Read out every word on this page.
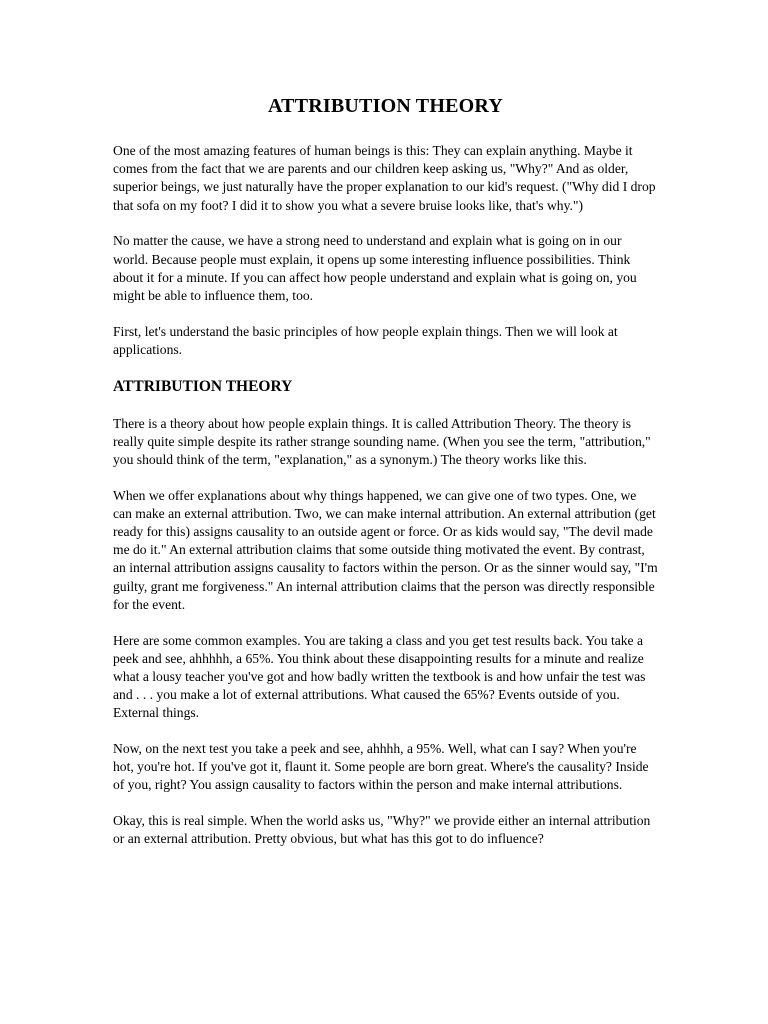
ATTRIBUTION THEORY

One of the most amazing features of human beings is this: They can explain anything. Maybe it comes from the fact that we are parents and our children keep asking us, "Why?" And as older, superior beings, we just naturally have the proper explanation to our kid's request. ("Why did I drop that sofa on my foot? I did it to show you what a severe bruise looks like, that's why.")

No matter the cause, we have a strong need to understand and explain what is going on in our world. Because people must explain, it opens up some interesting influence possibilities. Think about it for a minute. If you can affect how people understand and explain what is going on, you might be able to influence them, too.

First, let's understand the basic principles of how people explain things. Then we will look at applications.

ATTRIBUTION THEORY

There is a theory about how people explain things. It is called Attribution Theory. The theory is really quite simple despite its rather strange sounding name. (When you see the term, "attribution," you should think of the term, "explanation," as a synonym.) The theory works like this.

When we offer explanations about why things happened, we can give one of two types. One, we can make an external attribution. Two, we can make internal attribution. An external attribution (get ready for this) assigns causality to an outside agent or force. Or as kids would say, "The devil made me do it." An external attribution claims that some outside thing motivated the event. By contrast, an internal attribution assigns causality to factors within the person. Or as the sinner would say, "I'm guilty, grant me forgiveness." An internal attribution claims that the person was directly responsible for the event.

Here are some common examples. You are taking a class and you get test results back. You take a peek and see, ahhhhh, a 65%. You think about these disappointing results for a minute and realize what a lousy teacher you've got and how badly written the textbook is and how unfair the test was and . . . you make a lot of external attributions. What caused the 65%? Events outside of you. External things.

Now, on the next test you take a peek and see, ahhhh, a 95%. Well, what can I say? When you're hot, you're hot. If you've got it, flaunt it. Some people are born great. Where's the causality? Inside of you, right? You assign causality to factors within the person and make internal attributions.

Okay, this is real simple. When the world asks us, "Why?" we provide either an internal attribution or an external attribution. Pretty obvious, but what has this got to do influence?
